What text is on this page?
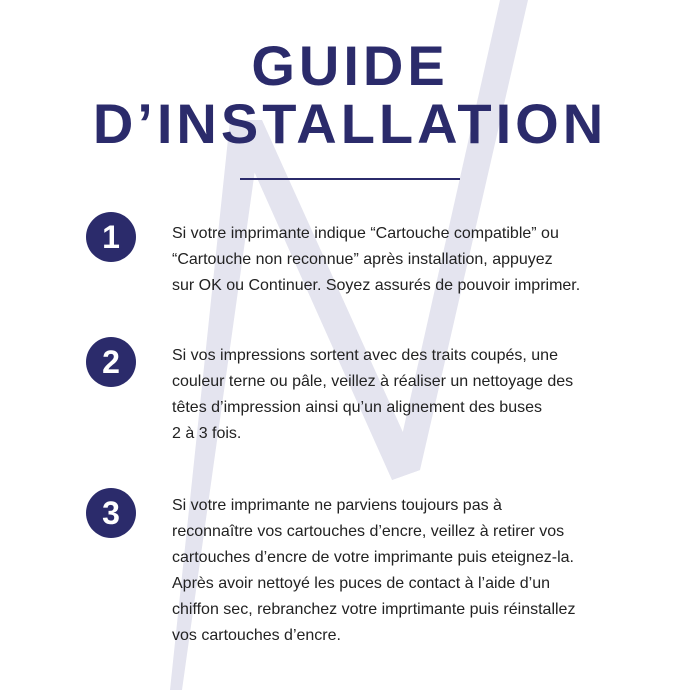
GUIDE
D’INSTALLATION
1	Si votre imprimante indique “Cartouche compatible” ou
“Cartouche non reconnue” après installation, appuyez
sur OK ou Continuer. Soyez assurés de pouvoir imprimer.
2	Si vos impressions sortent avec des traits coupés, une
couleur terne ou pâle, veillez à réaliser un nettoyage des
têtes d’impression ainsi qu’un alignement des buses
2 à 3 fois.
3	Si votre imprimante ne parviens toujours pas à
reconnaître vos cartouches d’encre, veillez à retirer vos
cartouches d’encre de votre imprimante puis eteignez-la.
Après avoir nettoyé les puces de contact à l’aide d’un
chiffon sec, rebranchez votre imprtimante puis réinstallez
vos cartouches d’encre.
